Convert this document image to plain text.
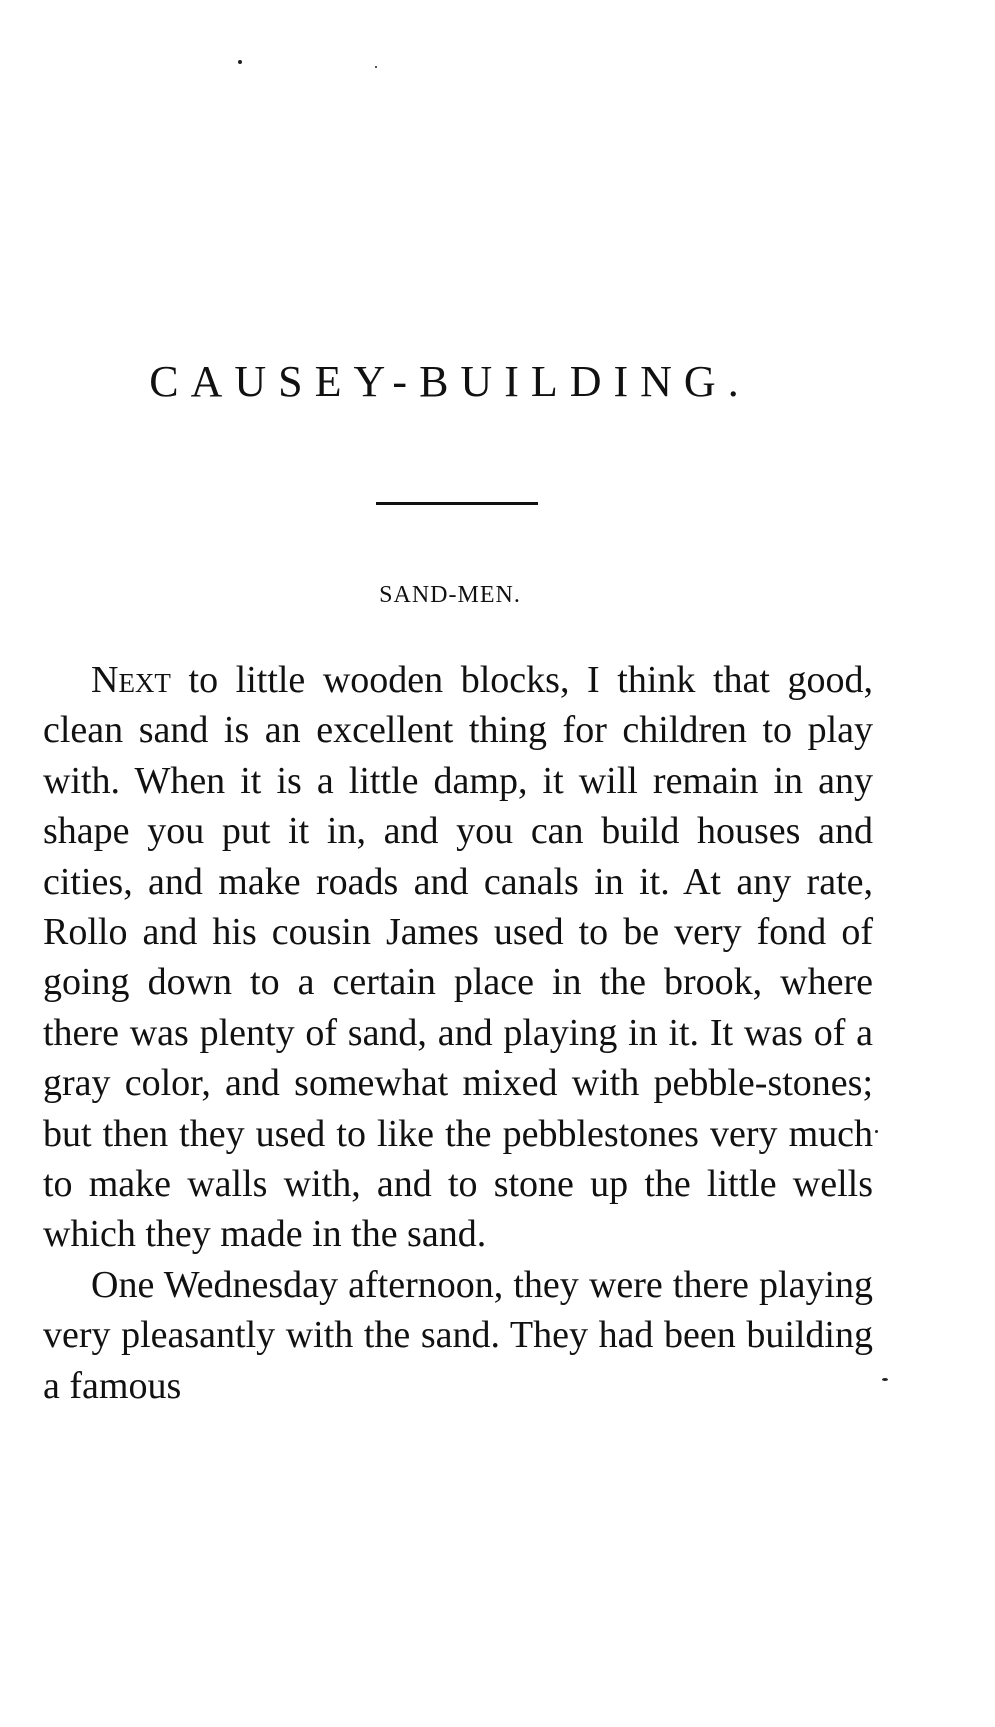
CAUSEY-BUILDING.
SAND-MEN.

Next to little wooden blocks, I think that good, clean sand is an excellent thing for children to play with. When it is a little damp, it will remain in any shape you put it in, and you can build houses and cities, and make roads and canals in it. At any rate, Rollo and his cousin James used to be very fond of going down to a certain place in the brook, where there was plenty of sand, and playing in it. It was of a gray color, and somewhat mixed with pebble-stones; but then they used to like the pebblestones very much to make walls with, and to stone up the little wells which they made in the sand.

One Wednesday afternoon, they were there playing very pleasantly with the sand. They had been building a famous
